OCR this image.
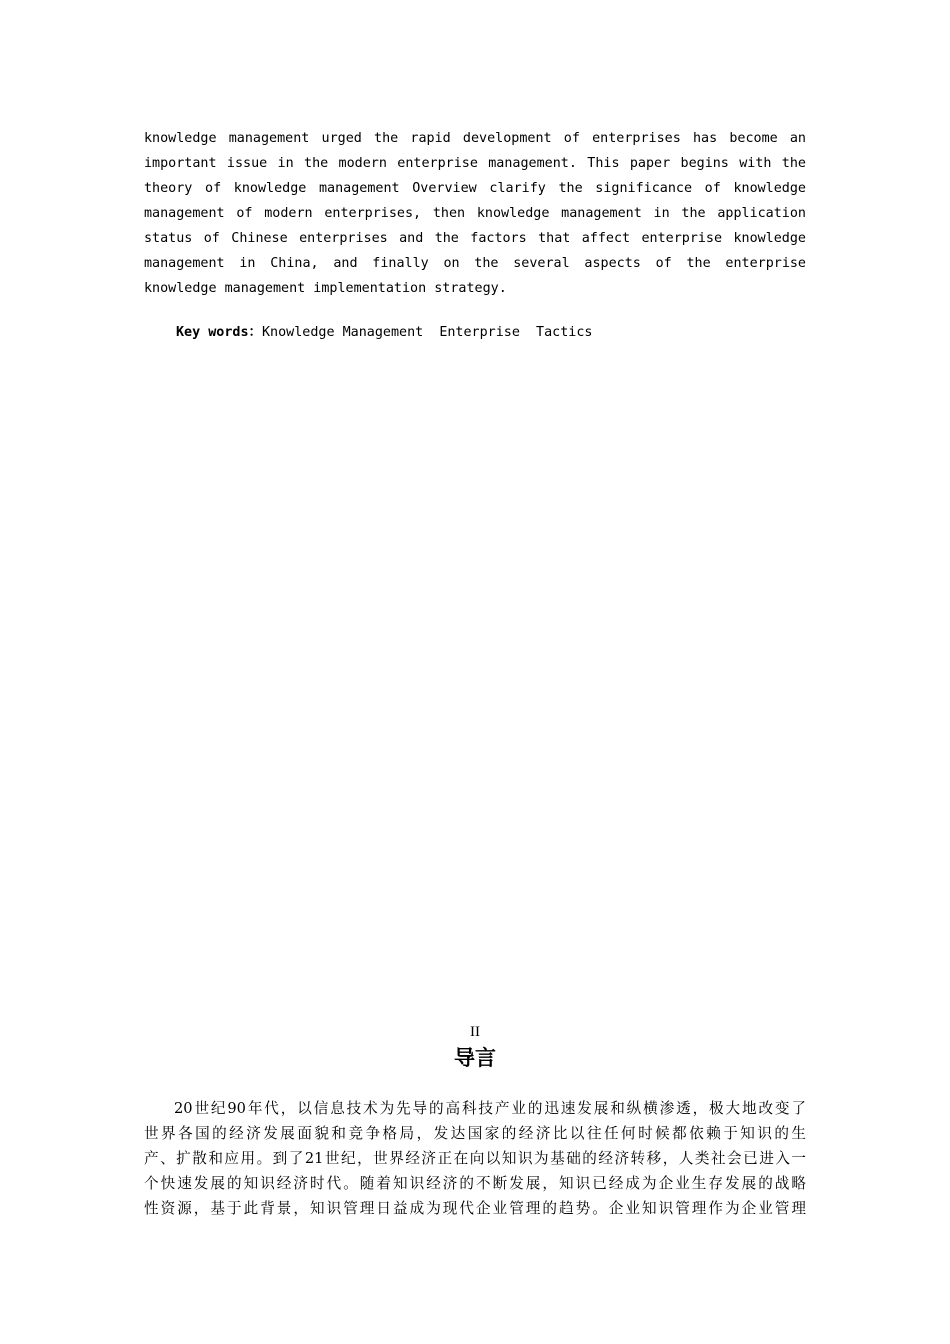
knowledge management urged the rapid development of enterprises has become an
important issue in the modern enterprise management. This paper begins with the
theory of knowledge management Overview clarify the significance of knowledge
management of modern enterprises, then knowledge management in the application
status of Chinese enterprises and the factors that affect enterprise knowledge
management in China, and finally on the several aspects of the enterprise
knowledge management implementation strategy.
Key words：Knowledge Management  Enterprise  Tactics
II
导言
20世纪90年代，以信息技术为先导的高科技产业的迅速发展和纵横渗透，极大地改变了
世界各国的经济发展面貌和竞争格局，发达国家的经济比以往任何时候都依赖于知识的生
产、扩散和应用。到了21世纪，世界经济正在向以知识为基础的经济转移，人类社会已进入一
个快速发展的知识经济时代。随着知识经济的不断发展，知识已经成为企业生存发展的战略
性资源，基于此背景，知识管理日益成为现代企业管理的趋势。企业知识管理作为企业管理
